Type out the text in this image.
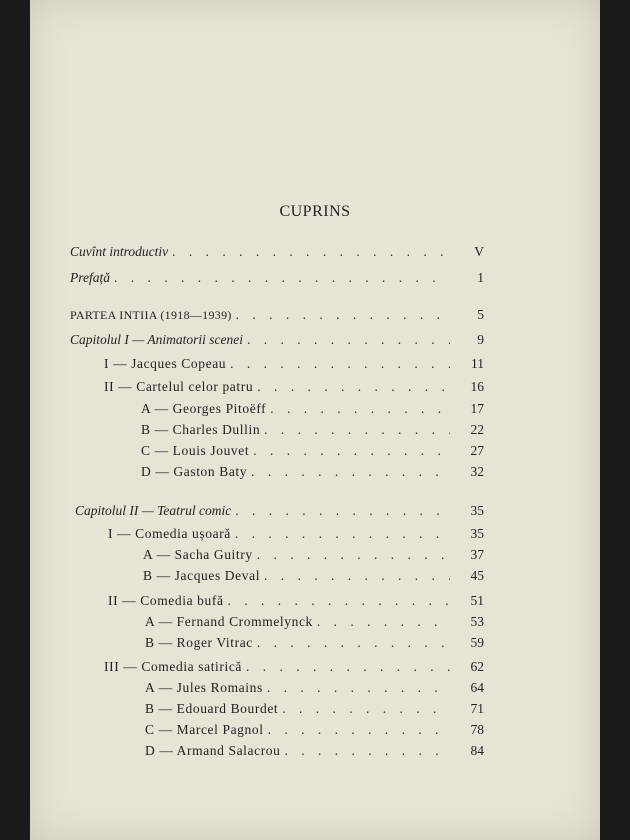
CUPRINS
Cuvînt introductiv . . .	V
Prefață . . .	1
PARTEA INTIIA (1918—1939) . . .	5
Capitolul I — Animatorii scenei . . .	9
I — Jacques Copeau . . .	11
II — Cartelul celor patru . . .	16
A — Georges Pitoëff . . .	17
B — Charles Dullin . . .	22
C — Louis Jouvet . . .	27
D — Gaston Baty . . .	32
Capitolul II — Teatrul comic . . .	35
I — Comedia ușoară . . .	35
A — Sacha Guitry . . .	37
B — Jacques Deval . . .	45
II — Comedia bufă . . .	51
A — Fernand Crommelynck . . .	53
B — Roger Vitrac . . .	59
III — Comedia satirică . . .	62
A — Jules Romains . . .	64
B — Edouard Bourdet . . .	71
C — Marcel Pagnol . . .	78
D — Armand Salacrou . . .	84
